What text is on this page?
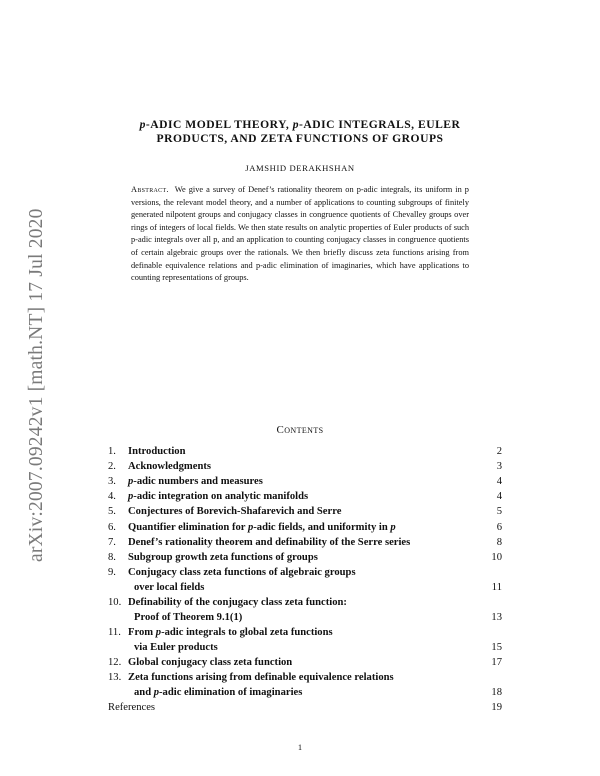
arXiv:2007.09242v1 [math.NT] 17 Jul 2020
p-ADIC MODEL THEORY, p-ADIC INTEGRALS, EULER
PRODUCTS, AND ZETA FUNCTIONS OF GROUPS
JAMSHID DERAKHSHAN
Abstract. We give a survey of Denef’s rationality theorem on p-adic integrals, its uniform in p versions, the relevant model theory, and a number of applications to counting subgroups of finitely generated nilpotent groups and conjugacy classes in congruence quotients of Chevalley groups over rings of integers of local fields. We then state results on analytic properties of Euler products of such p-adic integrals over all p, and an application to counting conjugacy classes in congruence quotients of certain algebraic groups over the rationals. We then briefly discuss zeta functions arising from definable equivalence relations and p-adic elimination of imaginaries, which have applications to counting representations of groups.
Contents
1. Introduction	2
2. Acknowledgments	3
3. p-adic numbers and measures	4
4. p-adic integration on analytic manifolds	4
5. Conjectures of Borevich-Shafarevich and Serre	5
6. Quantifier elimination for p-adic fields, and uniformity in p	6
7. Denef’s rationality theorem and definability of the Serre series	8
8. Subgroup growth zeta functions of groups	10
9. Conjugacy class zeta functions of algebraic groups
over local fields	11
10. Definability of the conjugacy class zeta function:
Proof of Theorem 9.1(1)	13
11. From p-adic integrals to global zeta functions
via Euler products	15
12. Global conjugacy class zeta function	17
13. Zeta functions arising from definable equivalence relations
and p-adic elimination of imaginaries	18
References	19
1
